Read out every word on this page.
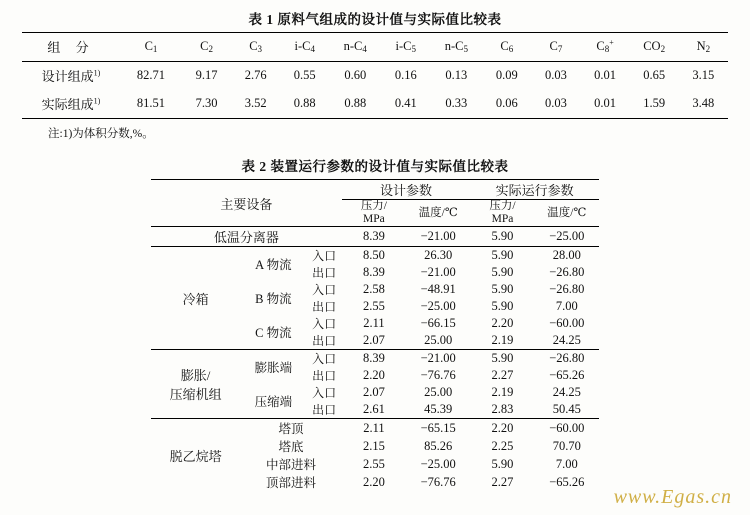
表 1 原料气组成的设计值与实际值比较表
组 分	$C_1$	$C_2$	$C_3$	$i-C_4$	$n-C_4$	$i-C_5$	$n-C_5$	$C_6$	$C_7$	$C_8^+$	$CO_2$	$N_2$
设计组成$^{1)}$	82.71	9.17	2.76	0.55	0.60	0.16	0.13	0.09	0.03	0.01	0.65	3.15
实际组成$^{1)}$	81.51	7.30	3.52	0.88	0.88	0.41	0.33	0.06	0.03	0.01	1.59	3.48
注:1)为体积分数,%。
表 2 装置运行参数的设计值与实际值比较表
主要设备			设计参数		实际运行参数	

压力/
MPa
	温度/℃	
压力/
MPa
	温度/℃
低温分离器			8.39	−21.00	5.90	−25.00
冷箱	A 物流	入口	8.50	26.30	5.90	28.00
		出口	8.39	−21.00	5.90	−26.80
	B 物流	入口	2.58	−48.91	5.90	−26.80
		出口	2.55	−25.00	5.90	7.00
	C 物流	入口	2.11	−66.15	2.20	−60.00
		出口	2.07	25.00	2.19	24.25

膨胀/
压缩机组	膨胀端	入口	8.39	−21.00	5.90	−26.80
		出口	2.20	−76.76	2.27	−65.26
	压缩端	入口	2.07	25.00	2.19	24.25
		出口	2.61	45.39	2.83	50.45
脱乙烷塔	塔顶		2.11	−65.15	2.20	−60.00
	塔底		2.15	85.26	2.25	70.70
	中部进料		2.55	−25.00	5.90	7.00
	顶部进料		2.20	−76.76	2.27	−65.26
www.Egas.cn
